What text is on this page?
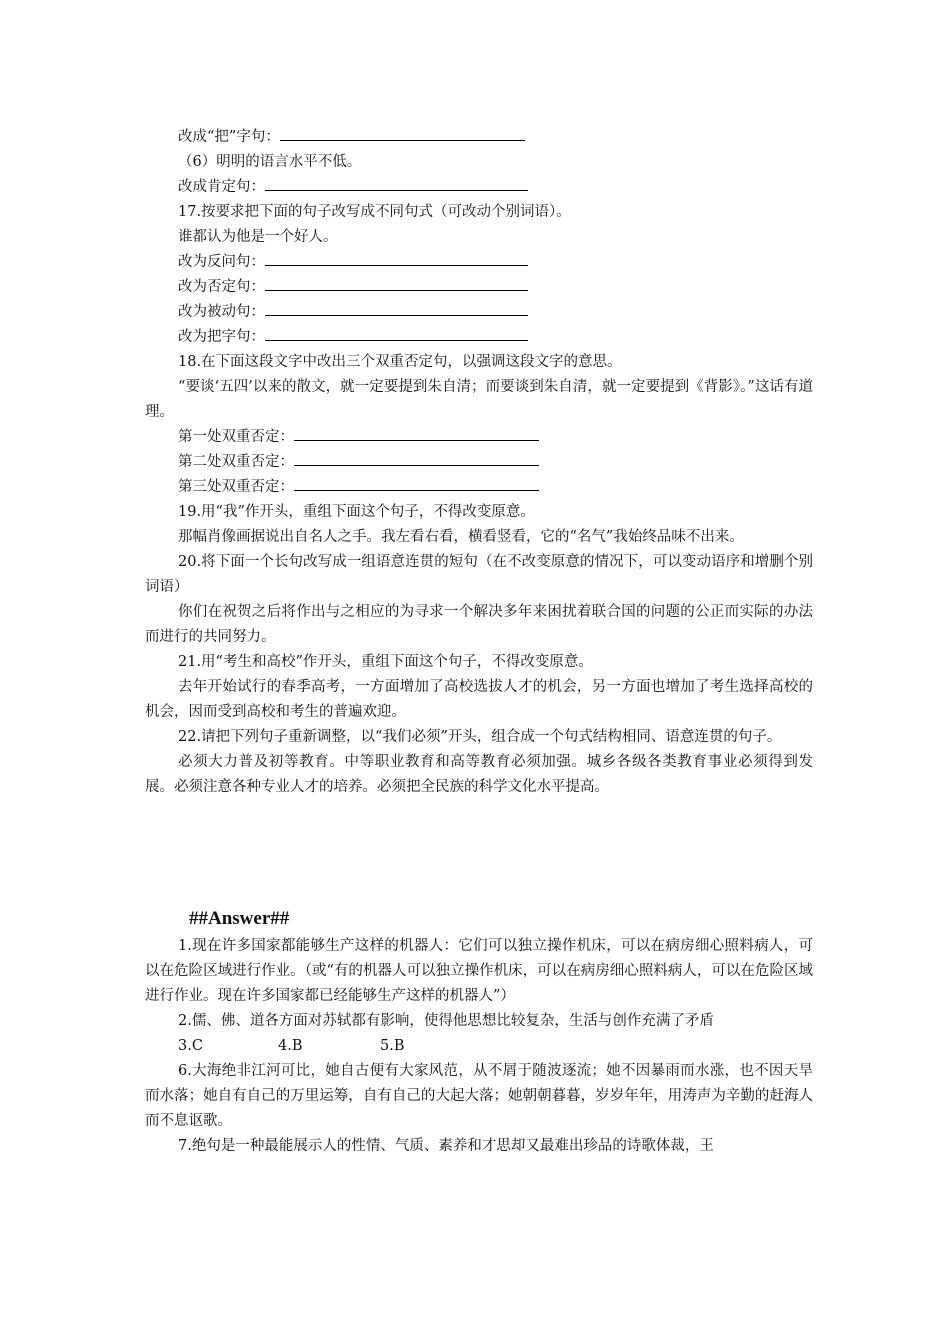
改成“把”字句：

（6）明明的语言水平不低。

改成肯定句：

17.按要求把下面的句子改写成不同句式（可改动个别词语）。

谁都认为他是一个好人。

改为反问句：

改为否定句：

改为被动句：

改为把字句：

18.在下面这段文字中改出三个双重否定句，以强调这段文字的意思。

“要谈‘五四’以来的散文，就一定要提到朱自清；而要谈到朱自清，就一定要提到《背影》。”这话有道理。

第一处双重否定：

第二处双重否定：

第三处双重否定：

19.用“我”作开头，重组下面这个句子，不得改变原意。

那幅肖像画据说出自名人之手。我左看右看，横看竖看，它的“名气”我始终品味不出来。

20.将下面一个长句改写成一组语意连贯的短句（在不改变原意的情况下，可以变动语序和增删个别词语）

你们在祝贺之后将作出与之相应的为寻求一个解决多年来困扰着联合国的问题的公正而实际的办法而进行的共同努力。

21.用“考生和高校”作开头，重组下面这个句子，不得改变原意。

去年开始试行的春季高考，一方面增加了高校选拔人才的机会，另一方面也增加了考生选择高校的机会，因而受到高校和考生的普遍欢迎。

22.请把下列句子重新调整，以“我们必须”开头，组合成一个句式结构相同、语意连贯的句子。

必须大力普及初等教育。中等职业教育和高等教育必须加强。城乡各级各类教育事业必须得到发展。必须注意各种专业人才的培养。必须把全民族的科学文化水平提高。

##Answer##

1.现在许多国家都能够生产这样的机器人：它们可以独立操作机床，可以在病房细心照料病人，可以在危险区域进行作业。（或“有的机器人可以独立操作机床，可以在病房细心照料病人，可以在危险区域进行作业。现在许多国家都已经能够生产这样的机器人”）

2.儒、佛、道各方面对苏轼都有影响，使得他思想比较复杂，生活与创作充满了矛盾

3.C	4.B	5.B

6.大海绝非江河可比，她自古便有大家风范，从不屑于随波逐流；她不因暴雨而水涨，也不因天旱而水落；她自有自己的万里运筹，自有自己的大起大落；她朝朝暮暮，岁岁年年，用涛声为辛勤的赶海人而不息讴歌。

7.绝句是一种最能展示人的性情、气质、素养和才思却又最难出珍品的诗歌体裁，王
